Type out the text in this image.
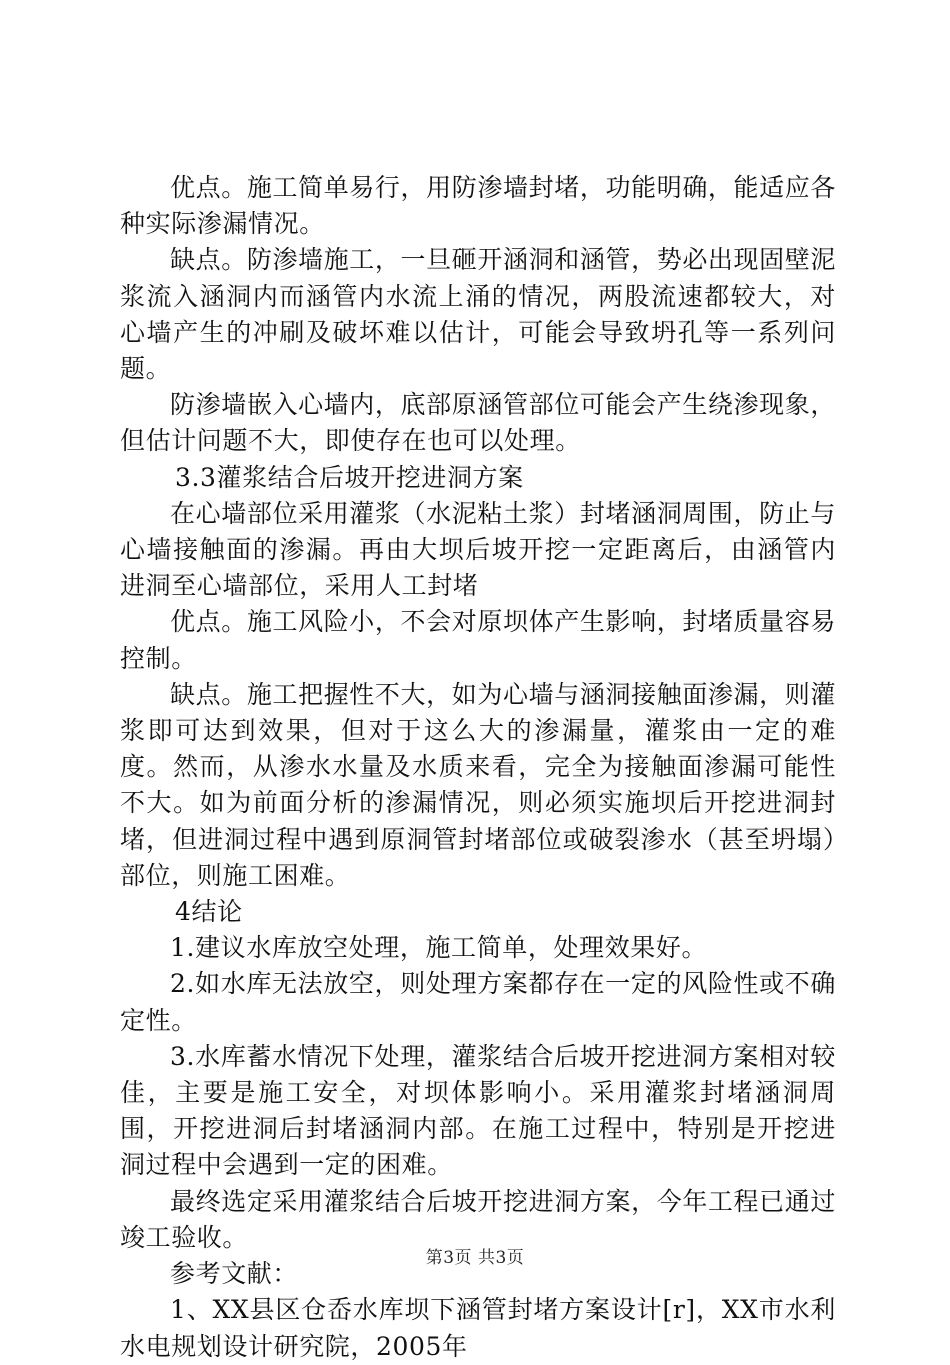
优点。施工简单易行，用防渗墙封堵，功能明确，能适应各种实际渗漏情况。

缺点。防渗墙施工，一旦砸开涵洞和涵管，势必出现固壁泥浆流入涵洞内而涵管内水流上涌的情况，两股流速都较大，对心墙产生的冲刷及破坏难以估计，可能会导致坍孔等一系列问题。

防渗墙嵌入心墙内，底部原涵管部位可能会产生绕渗现象，但估计问题不大，即使存在也可以处理。

3.3灌浆结合后坡开挖进洞方案

在心墙部位采用灌浆（水泥粘土浆）封堵涵洞周围，防止与心墙接触面的渗漏。再由大坝后坡开挖一定距离后，由涵管内进洞至心墙部位，采用人工封堵

优点。施工风险小，不会对原坝体产生影响，封堵质量容易控制。

缺点。施工把握性不大，如为心墙与涵洞接触面渗漏，则灌浆即可达到效果，但对于这么大的渗漏量，灌浆由一定的难度。然而，从渗水水量及水质来看，完全为接触面渗漏可能性不大。如为前面分析的渗漏情况，则必须实施坝后开挖进洞封堵，但进洞过程中遇到原洞管封堵部位或破裂渗水（甚至坍塌）部位，则施工困难。

4结论

1.建议水库放空处理，施工简单，处理效果好。

2.如水库无法放空，则处理方案都存在一定的风险性或不确定性。

3.水库蓄水情况下处理，灌浆结合后坡开挖进洞方案相对较佳，主要是施工安全，对坝体影响小。采用灌浆封堵涵洞周围，开挖进洞后封堵涵洞内部。在施工过程中，特别是开挖进洞过程中会遇到一定的困难。

最终选定采用灌浆结合后坡开挖进洞方案，今年工程已通过竣工验收。

参考文献：

1、XX县区仓岙水库坝下涵管封堵方案设计[r]，XX市水利水电规划设计研究院，2005年

第3页 共3页
